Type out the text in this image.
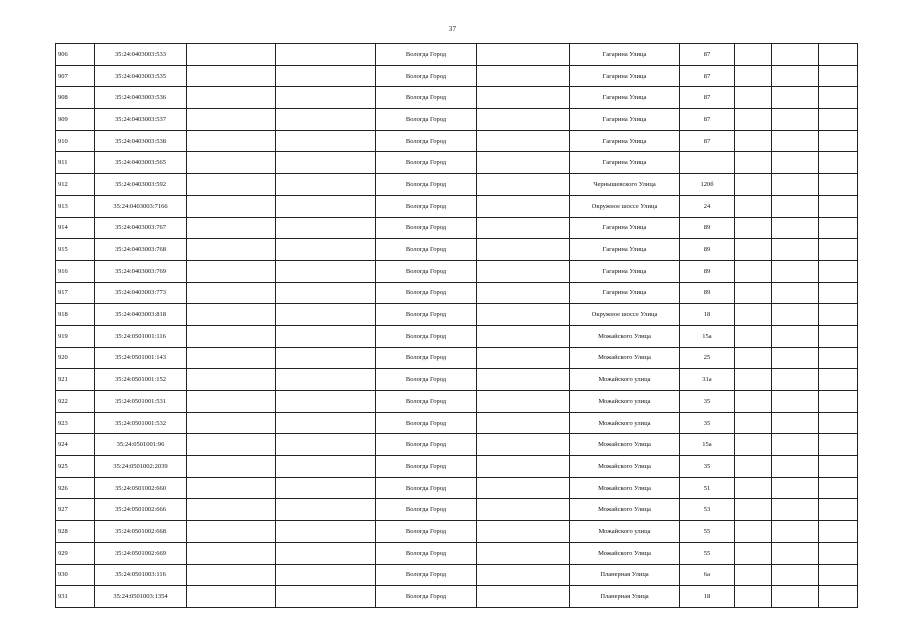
37
906	35:24:0403003:533			Вологда Город		Гагарина Улица	87			
907	35:24:0403003:535			Вологда Город		Гагарина Улица	87			
908	35:24:0403003:536			Вологда Город		Гагарина Улица	87			
909	35:24:0403003:537			Вологда Город		Гагарина Улица	87			
910	35:24:0403003:538			Вологда Город		Гагарина Улица	87			
911	35:24:0403003:565			Вологда Город		Гагарина Улица				
912	35:24:0403003:592			Вологда Город		Чернышевского Улица	120б			
913	35:24:0403003:7166			Вологда Город		Окружное шоссе Улица	24			
914	35:24:0403003:767			Вологда Город		Гагарина Улица	89			
915	35:24:0403003:768			Вологда Город		Гагарина Улица	89			
916	35:24:0403003:769			Вологда Город		Гагарина Улица	89			
917	35:24:0403003:773			Вологда Город		Гагарина Улица	89			
918	35:24:0403003:818			Вологда Город		Окружное шоссе Улица	18			
919	35:24:0501001:116			Вологда Город		Можайского Улица	15а			
920	35:24:0501001:143			Вологда Город		Можайского Улица	25			
921	35:24:0501001:152			Вологда Город		Можайского улица	31а			
922	35:24:0501001:531			Вологда Город		Можайского улица	35			
923	35:24:0501001:532			Вологда Город		Можайского улица	35			
924	35:24:0501001:96			Вологда Город		Можайского Улица	15а			
925	35:24:0501002:2039			Вологда Город		Можайского Улица	35			
926	35:24:0501002:660			Вологда Город		Можайского Улица	51			
927	35:24:0501002:666			Вологда Город		Можайского Улица	53			
928	35:24:0501002:668			Вологда Город		Можайского улица	55			
929	35:24:0501002:669			Вологда Город		Можайского Улица	55			
930	35:24:0501003:116			Вологда Город		Планерная Улица	6а			
931	35:24:0501003:1354			Вологда Город		Планерная Улица	18			
